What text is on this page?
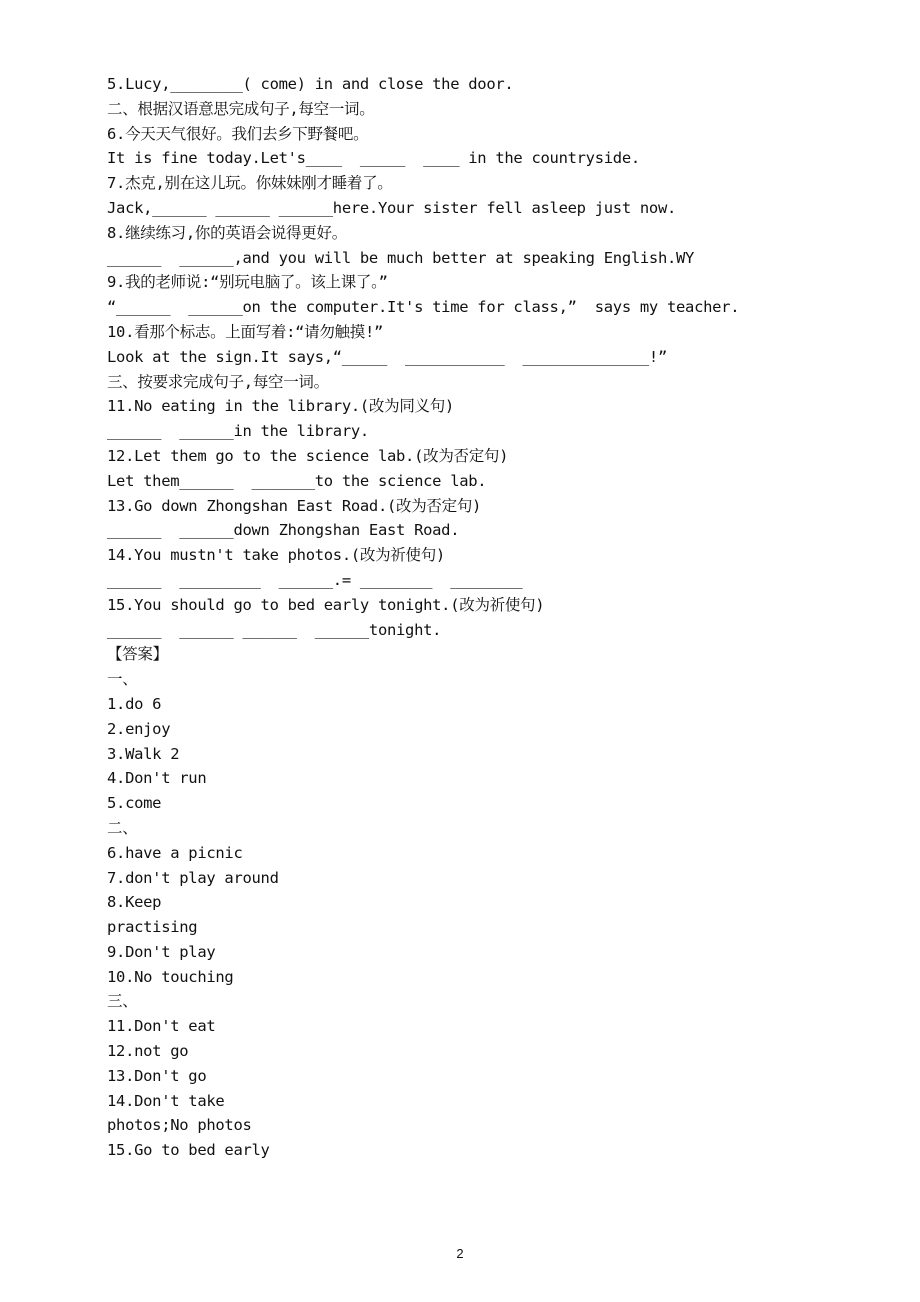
5.Lucy,________( come) in and close the door.
二、根据汉语意思完成句子,每空一词。
6.今天天气很好。我们去乡下野餐吧。
It is fine today.Let's____  _____  ____ in the countryside.
7.杰克,别在这儿玩。你妹妹刚才睡着了。
Jack,______ ______ ______here.Your sister fell asleep just now.
8.继续练习,你的英语会说得更好。
______  ______,and you will be much better at speaking English.WY
9.我的老师说:“别玩电脑了。该上课了。”
“______  ______on the computer.It's time for class,”  says my teacher.
10.看那个标志。上面写着:“请勿触摸!”
Look at the sign.It says,“_____  ___________  ______________!”
三、按要求完成句子,每空一词。
11.No eating in the library.(改为同义句)
______  ______in the library.
12.Let them go to the science lab.(改为否定句)
Let them______  _______to the science lab.
13.Go down Zhongshan East Road.(改为否定句)
______  ______down Zhongshan East Road.
14.You mustn't take photos.(改为祈使句)
______  _________  ______.= ________  ________
15.You should go to bed early tonight.(改为祈使句)
______  ______ ______  ______tonight.
【答案】
一、
1.do 6
2.enjoy
3.Walk 2
4.Don't run
5.come
二、
6.have a picnic
7.don't play around
8.Keep
practising
9.Don't play
10.No touching
三、
11.Don't eat
12.not go
13.Don't go
14.Don't take
photos;No photos
15.Go to bed early
2
